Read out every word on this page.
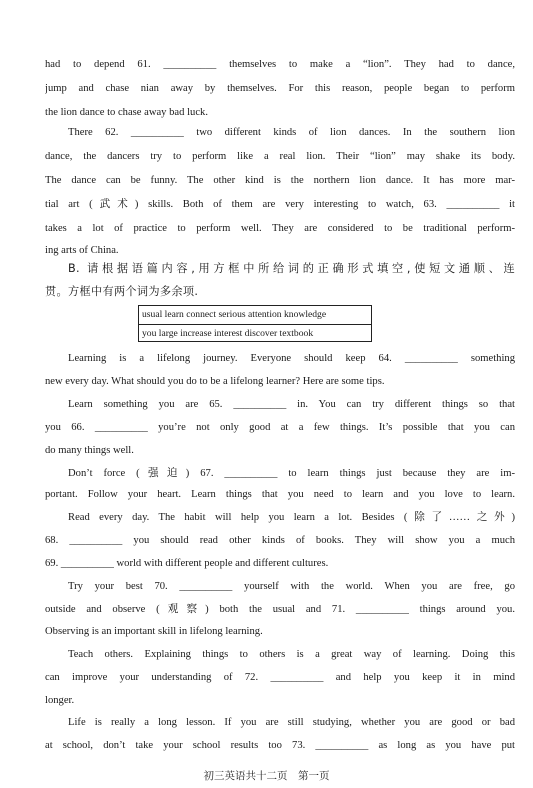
had to depend 61. __________ themselves to make a “lion”. They had to dance,
jump and chase nian away by themselves. For this reason, people began to perform
the lion dance to chase away bad luck.
There 62. __________ two different kinds of lion dances. In the southern lion
dance, the dancers try to perform like a real lion. Their “lion” may shake its body.
The dance can be funny. The other kind is the northern lion dance. It has more mar-
tial art (武术) skills. Both of them are very interesting to watch, 63. __________ it
takes a lot of practice to perform well. They are considered to be traditional perform-
ing arts of China.
B. 请根据语篇内容,用方框中所给词的正确形式填空,使短文通顺、连
贯。方框中有两个词为多余项.
usual learn connect serious attention knowledge
you large increase interest discover textbook
Learning is a lifelong journey. Everyone should keep 64. __________ something
new every day. What should you do to be a lifelong learner? Here are some tips.
Learn something you are 65. __________ in. You can try different things so that
you 66. __________ you’re not only good at a few things. It’s possible that you can
do many things well.
Don’t force (强迫) 67. __________ to learn things just because they are im-
portant. Follow your heart. Learn things that you need to learn and you love to learn.
Read every day. The habit will help you learn a lot. Besides (除了……之外)
68. __________ you should read other kinds of books. They will show you a much
69. __________ world with different people and different cultures.
Try your best 70. __________ yourself with the world. When you are free, go
outside and observe (观察) both the usual and 71. __________ things around you.
Observing is an important skill in lifelong learning.
Teach others. Explaining things to others is a great way of learning. Doing this
can improve your understanding of 72. __________ and help you keep it in mind
longer.
Life is really a long lesson. If you are still studying, whether you are good or bad
at school, don’t take your school results too 73. __________ as long as you have put
初三英语共十二页　第一页
